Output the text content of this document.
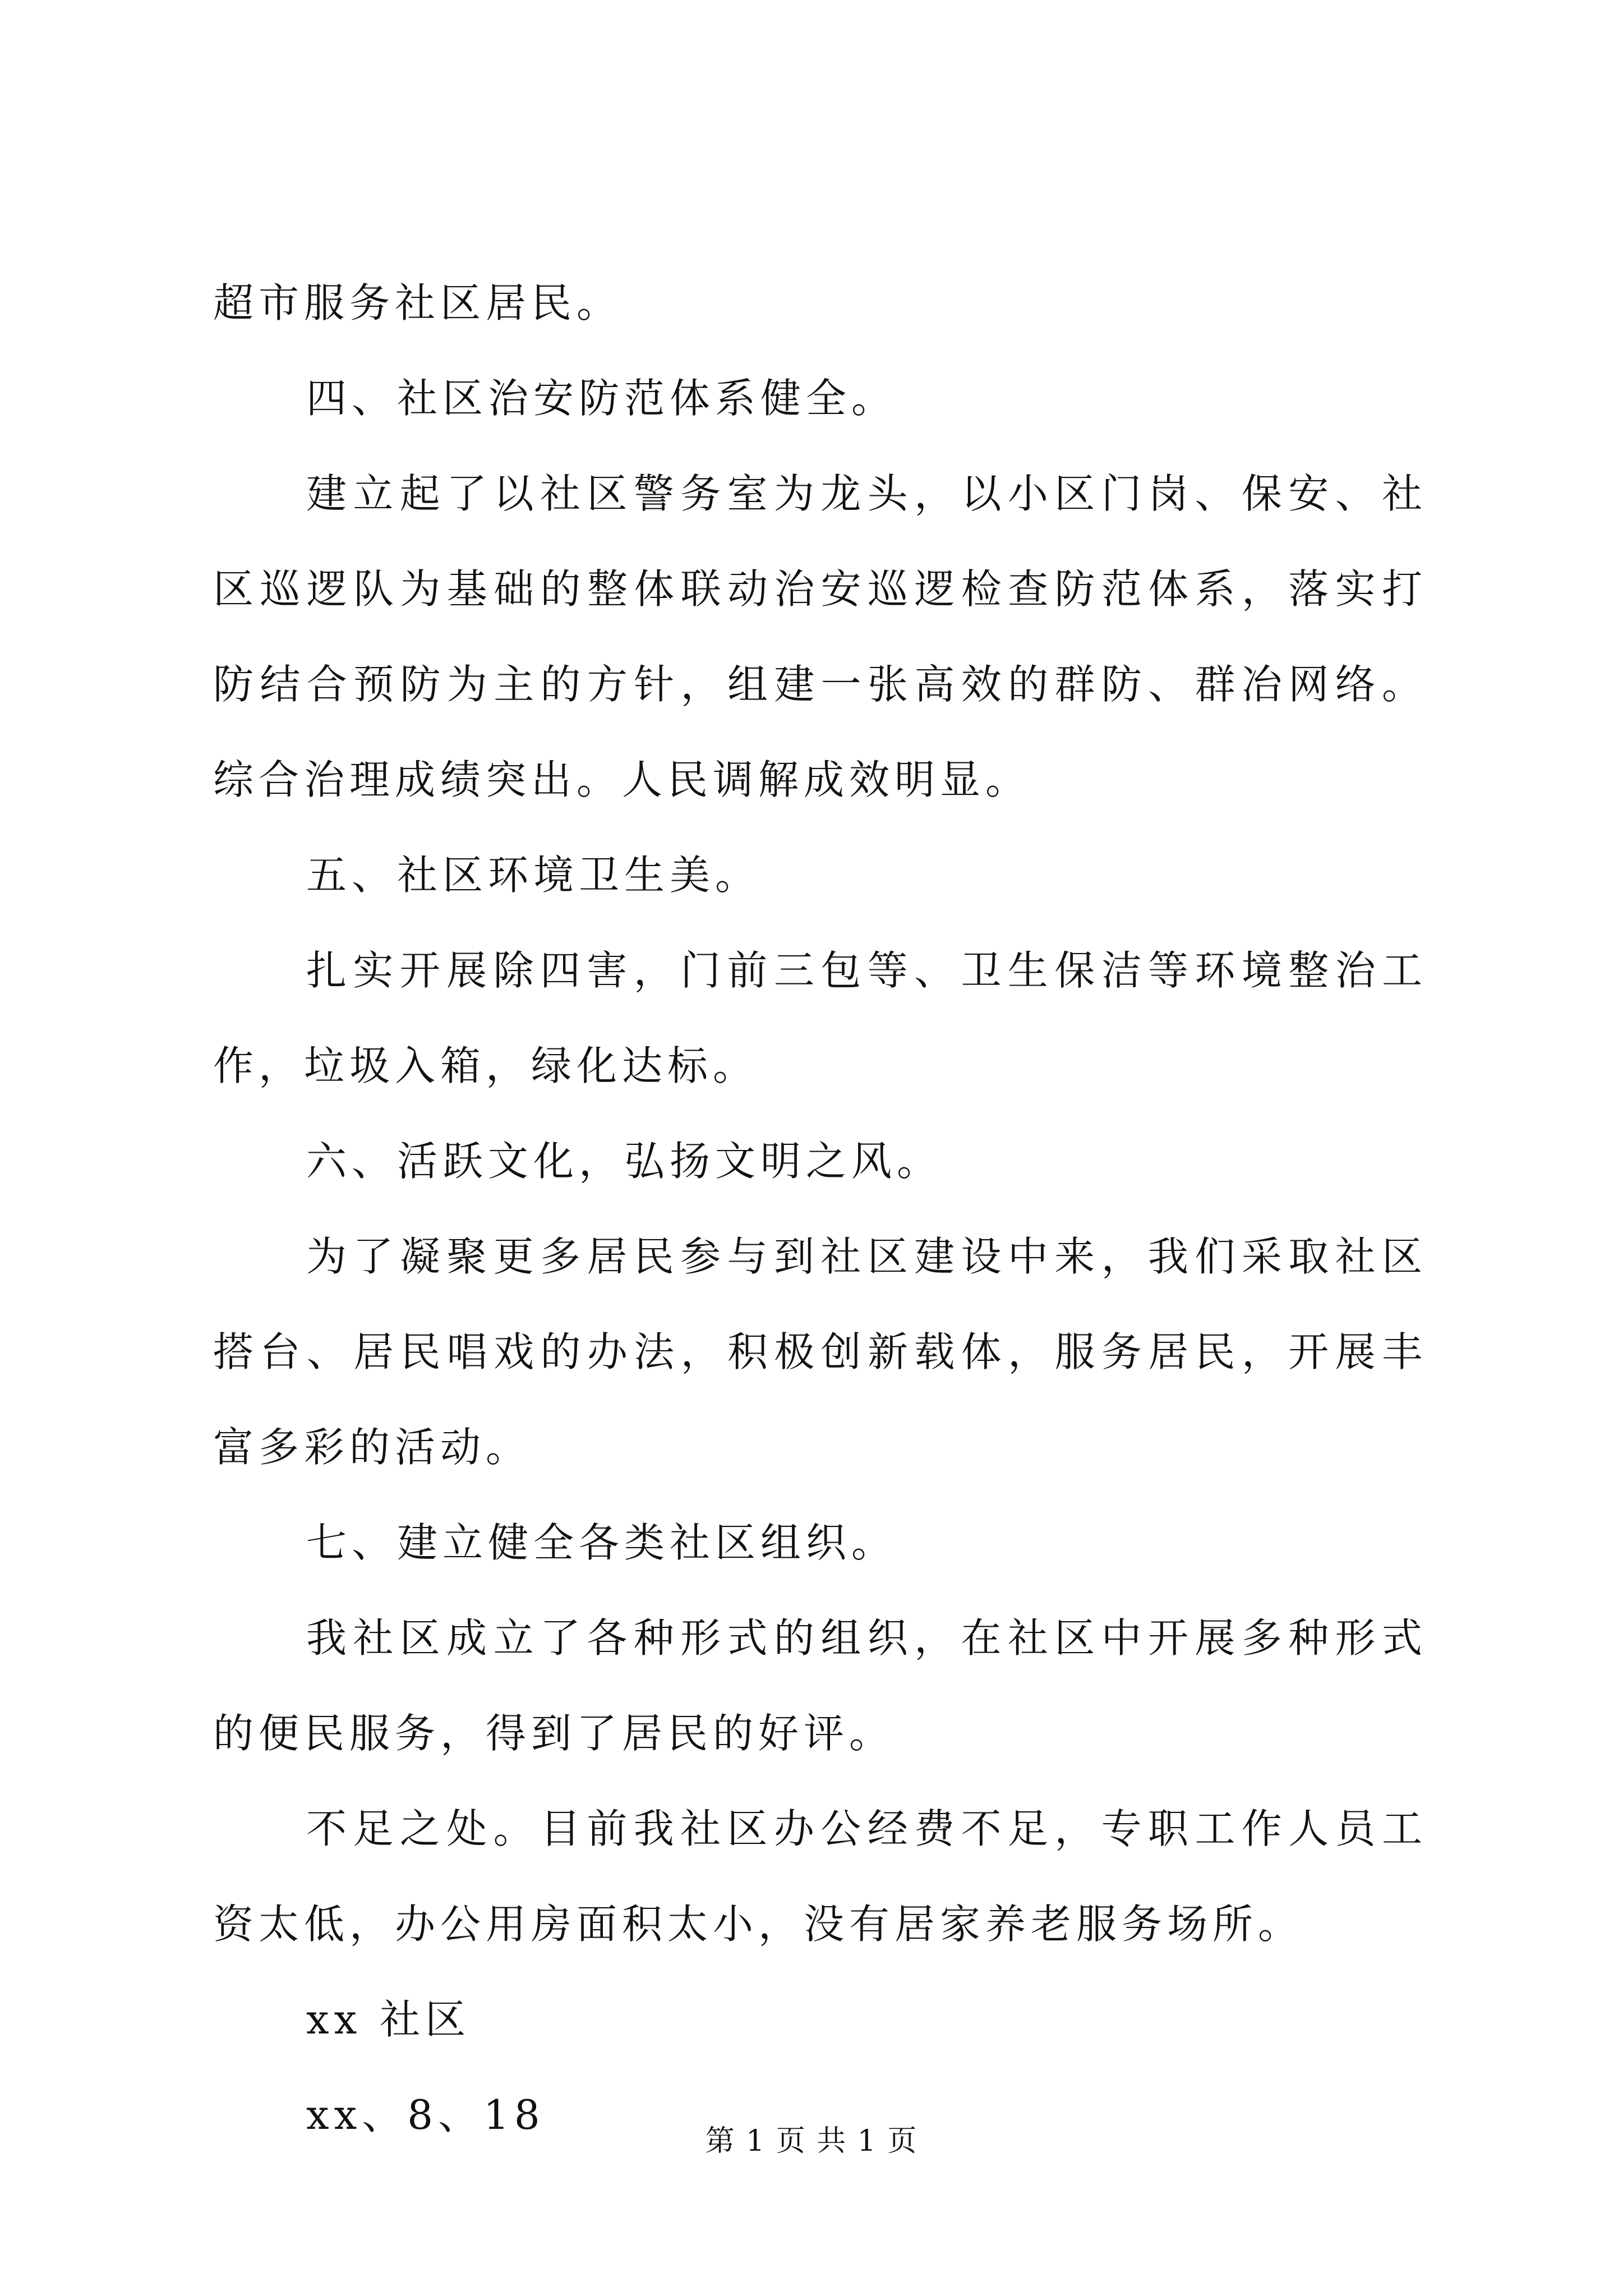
超市服务社区居民。

四、社区治安防范体系健全。

建立起了以社区警务室为龙头，以小区门岗、保安、社区巡逻队为基础的整体联动治安巡逻检查防范体系，落实打防结合预防为主的方针，组建一张高效的群防、群冶网络。综合治理成绩突出。人民调解成效明显。

五、社区环境卫生美。

扎实开展除四害，门前三包等、卫生保洁等环境整治工作，垃圾入箱，绿化达标。

六、活跃文化，弘扬文明之风。

为了凝聚更多居民参与到社区建设中来，我们采取社区搭台、居民唱戏的办法，积极创新载体，服务居民，开展丰富多彩的活动。

七、建立健全各类社区组织。

我社区成立了各种形式的组织，在社区中开展多种形式的便民服务，得到了居民的好评。

不足之处。目前我社区办公经费不足，专职工作人员工资太低，办公用房面积太小，没有居家养老服务场所。

xx 社区

xx、8、18

第 1 页 共 1 页
